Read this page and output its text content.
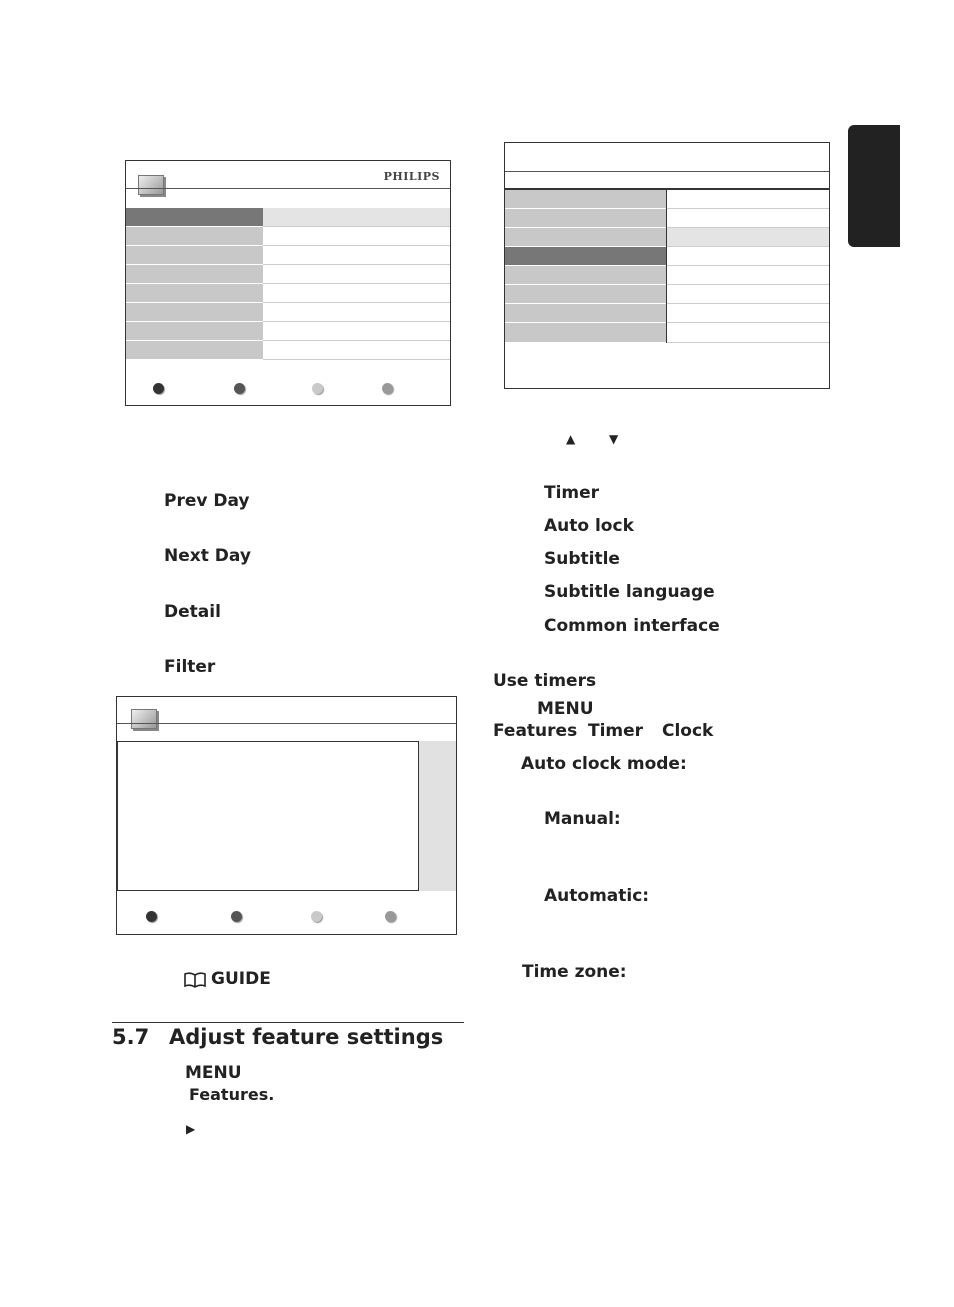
PHILIPS
Prev Day
Next Day
Detail
Filter
GUIDE
5.7 Adjust feature settings
MENU
Features.
▶
▲	▼
Timer
Auto lock
Subtitle
Subtitle language
Common interface
Use timers
MENU
Features Timer Clock
Auto clock mode:
Manual:
Automatic:
Time zone:
